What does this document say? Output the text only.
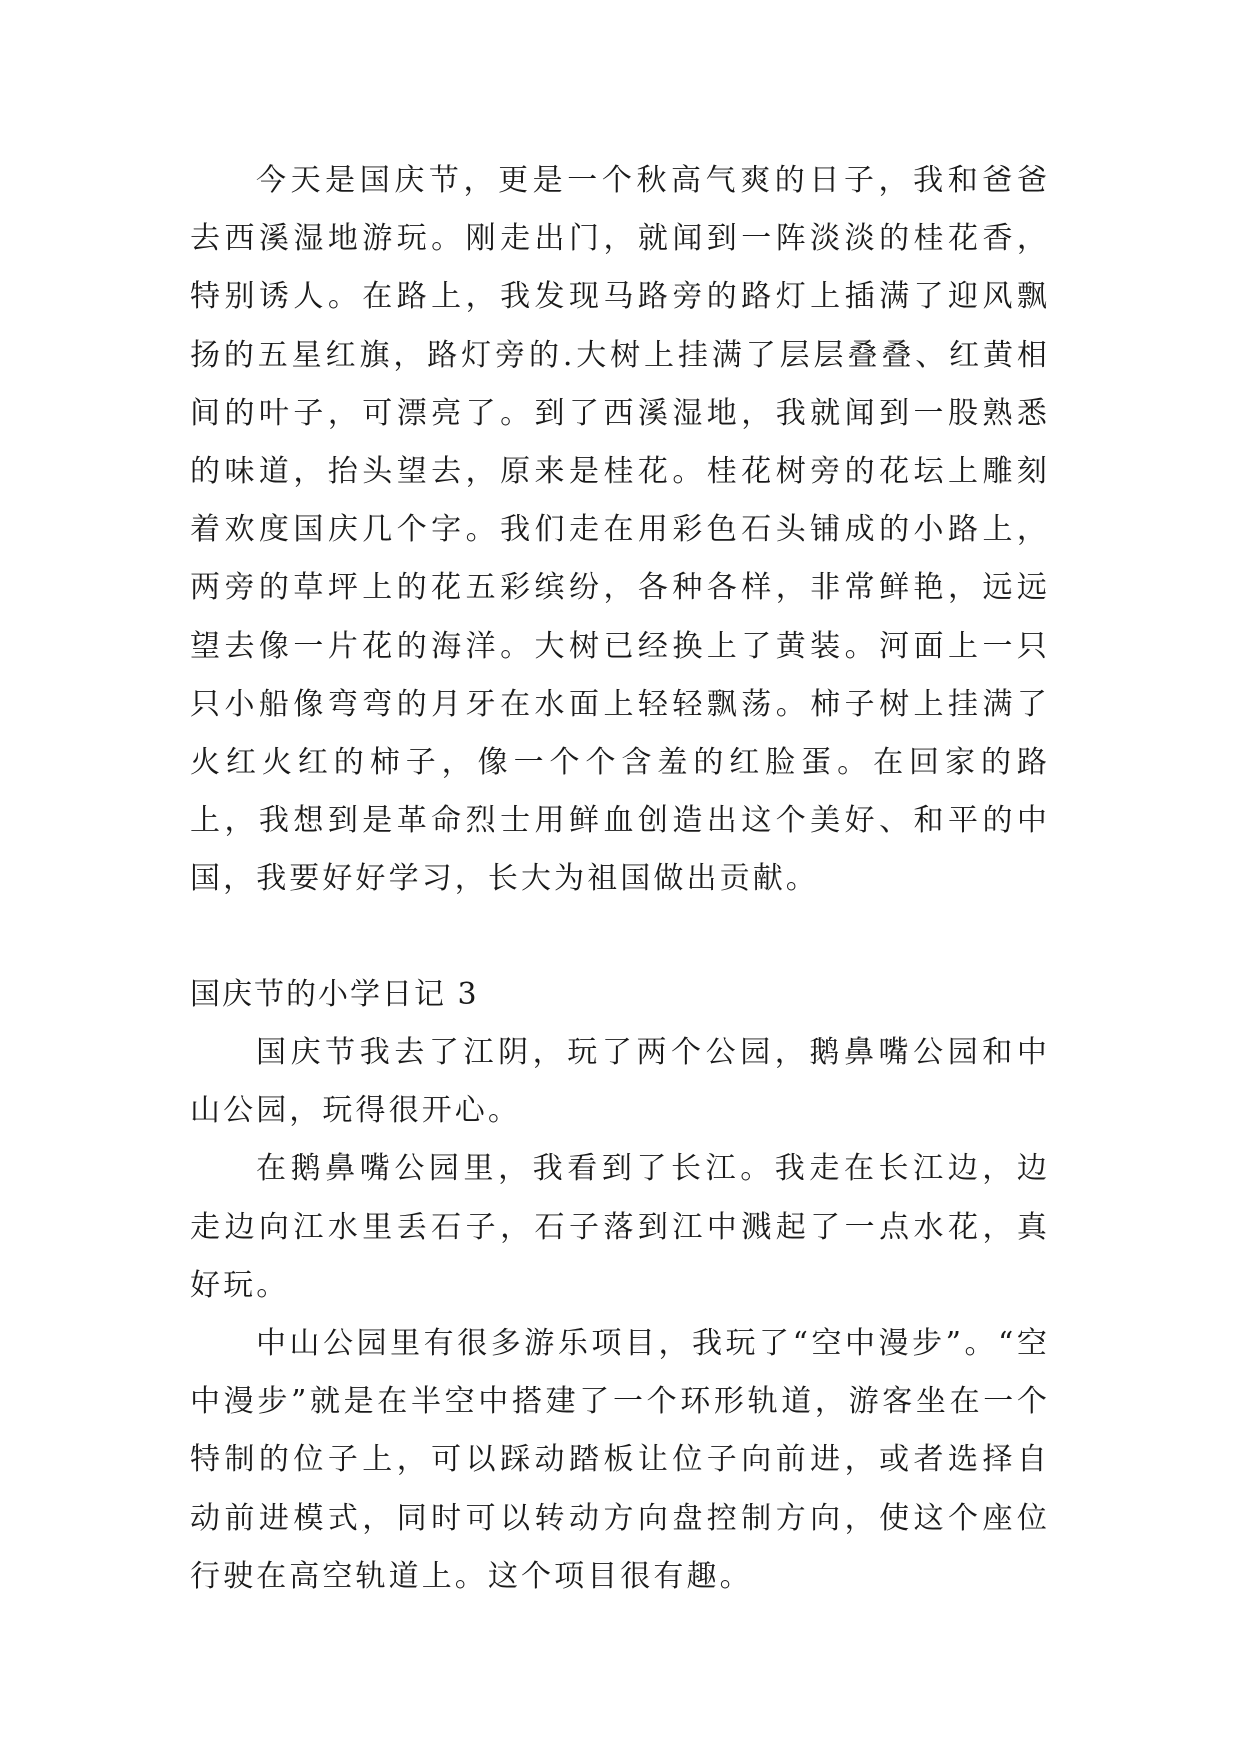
今天是国庆节，更是一个秋高气爽的日子，我和爸爸去西溪湿地游玩。刚走出门，就闻到一阵淡淡的桂花香，特别诱人。在路上，我发现马路旁的路灯上插满了迎风飘扬的五星红旗，路灯旁的.大树上挂满了层层叠叠、红黄相间的叶子，可漂亮了。到了西溪湿地，我就闻到一股熟悉的味道，抬头望去，原来是桂花。桂花树旁的花坛上雕刻着欢度国庆几个字。我们走在用彩色石头铺成的小路上，两旁的草坪上的花五彩缤纷，各种各样，非常鲜艳，远远望去像一片花的海洋。大树已经换上了黄装。河面上一只只小船像弯弯的月牙在水面上轻轻飘荡。柿子树上挂满了火红火红的柿子，像一个个含羞的红脸蛋。在回家的路上，我想到是革命烈士用鲜血创造出这个美好、和平的中国，我要好好学习，长大为祖国做出贡献。

国庆节的小学日记 3

国庆节我去了江阴，玩了两个公园，鹅鼻嘴公园和中山公园，玩得很开心。

在鹅鼻嘴公园里，我看到了长江。我走在长江边，边走边向江水里丢石子，石子落到江中溅起了一点水花，真好玩。

中山公园里有很多游乐项目，我玩了“空中漫步”。“空中漫步”就是在半空中搭建了一个环形轨道，游客坐在一个特制的位子上，可以踩动踏板让位子向前进，或者选择自动前进模式，同时可以转动方向盘控制方向，使这个座位行驶在高空轨道上。这个项目很有趣。
